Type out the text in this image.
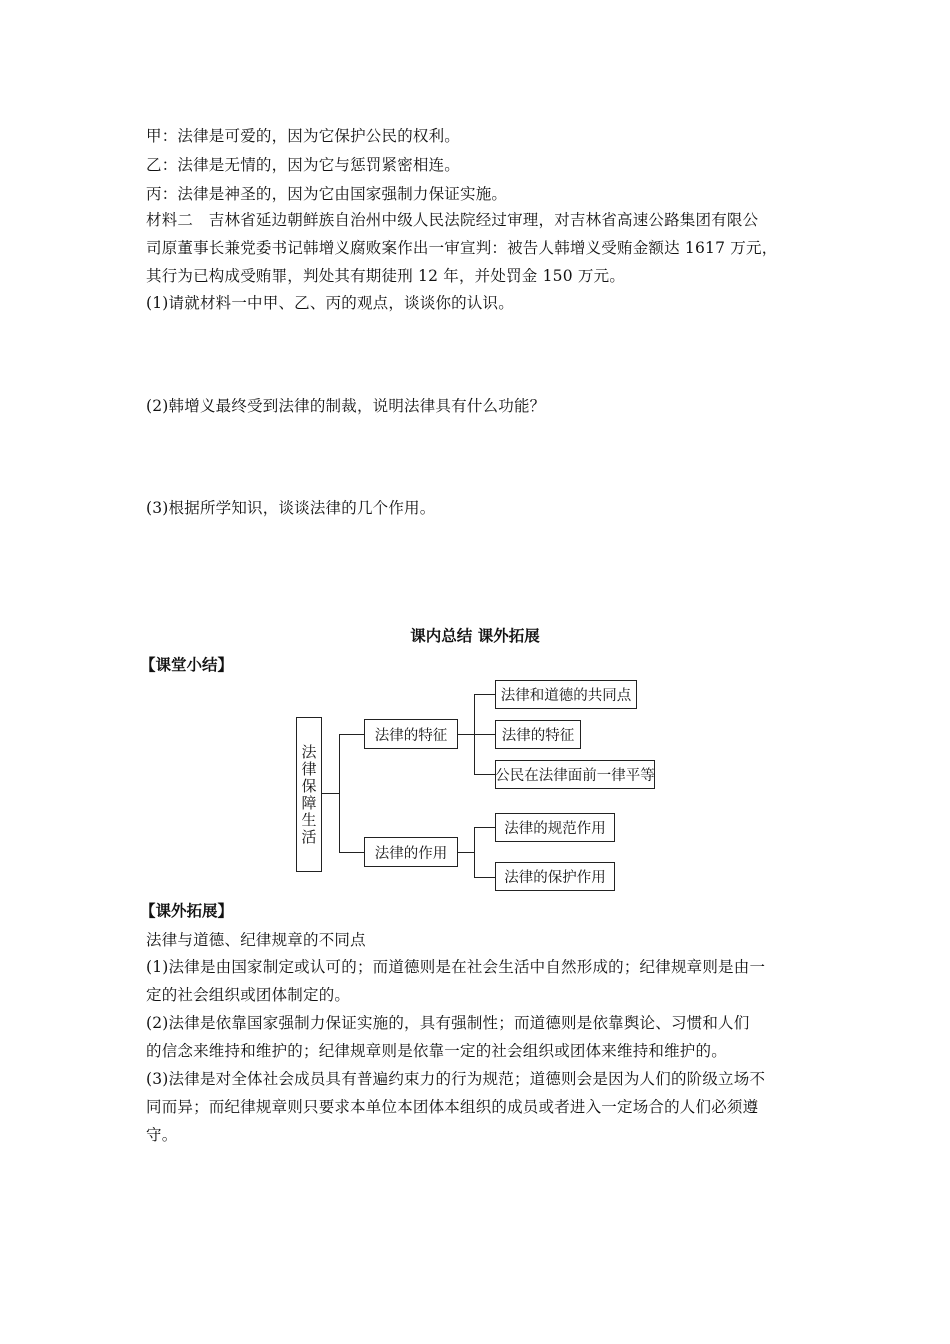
甲：法律是可爱的，因为它保护公民的权利。
乙：法律是无情的，因为它与惩罚紧密相连。
丙：法律是神圣的，因为它由国家强制力保证实施。
材料二　吉林省延边朝鲜族自治州中级人民法院经过审理，对吉林省高速公路集团有限公
司原董事长兼党委书记韩增义腐败案作出一审宣判：被告人韩增义受贿金额达 1617 万元，
其行为已构成受贿罪，判处其有期徒刑 12 年，并处罚金 150 万元。
(1)请就材料一中甲、乙、丙的观点，谈谈你的认识。
(2)韩增义最终受到法律的制裁，说明法律具有什么功能？
(3)根据所学知识，谈谈法律的几个作用。
课内总结 课外拓展
【课堂小结】
法律保障生活
法律的特征
法律的作用
法律和道德的共同点
法律的特征
公民在法律面前一律平等
法律的规范作用
法律的保护作用
【课外拓展】
法律与道德、纪律规章的不同点
(1)法律是由国家制定或认可的；而道德则是在社会生活中自然形成的；纪律规章则是由一
定的社会组织或团体制定的。
(2)法律是依靠国家强制力保证实施的，具有强制性；而道德则是依靠舆论、习惯和人们
的信念来维持和维护的；纪律规章则是依靠一定的社会组织或团体来维持和维护的。
(3)法律是对全体社会成员具有普遍约束力的行为规范；道德则会是因为人们的阶级立场不
同而异；而纪律规章则只要求本单位本团体本组织的成员或者进入一定场合的人们必须遵
守。
